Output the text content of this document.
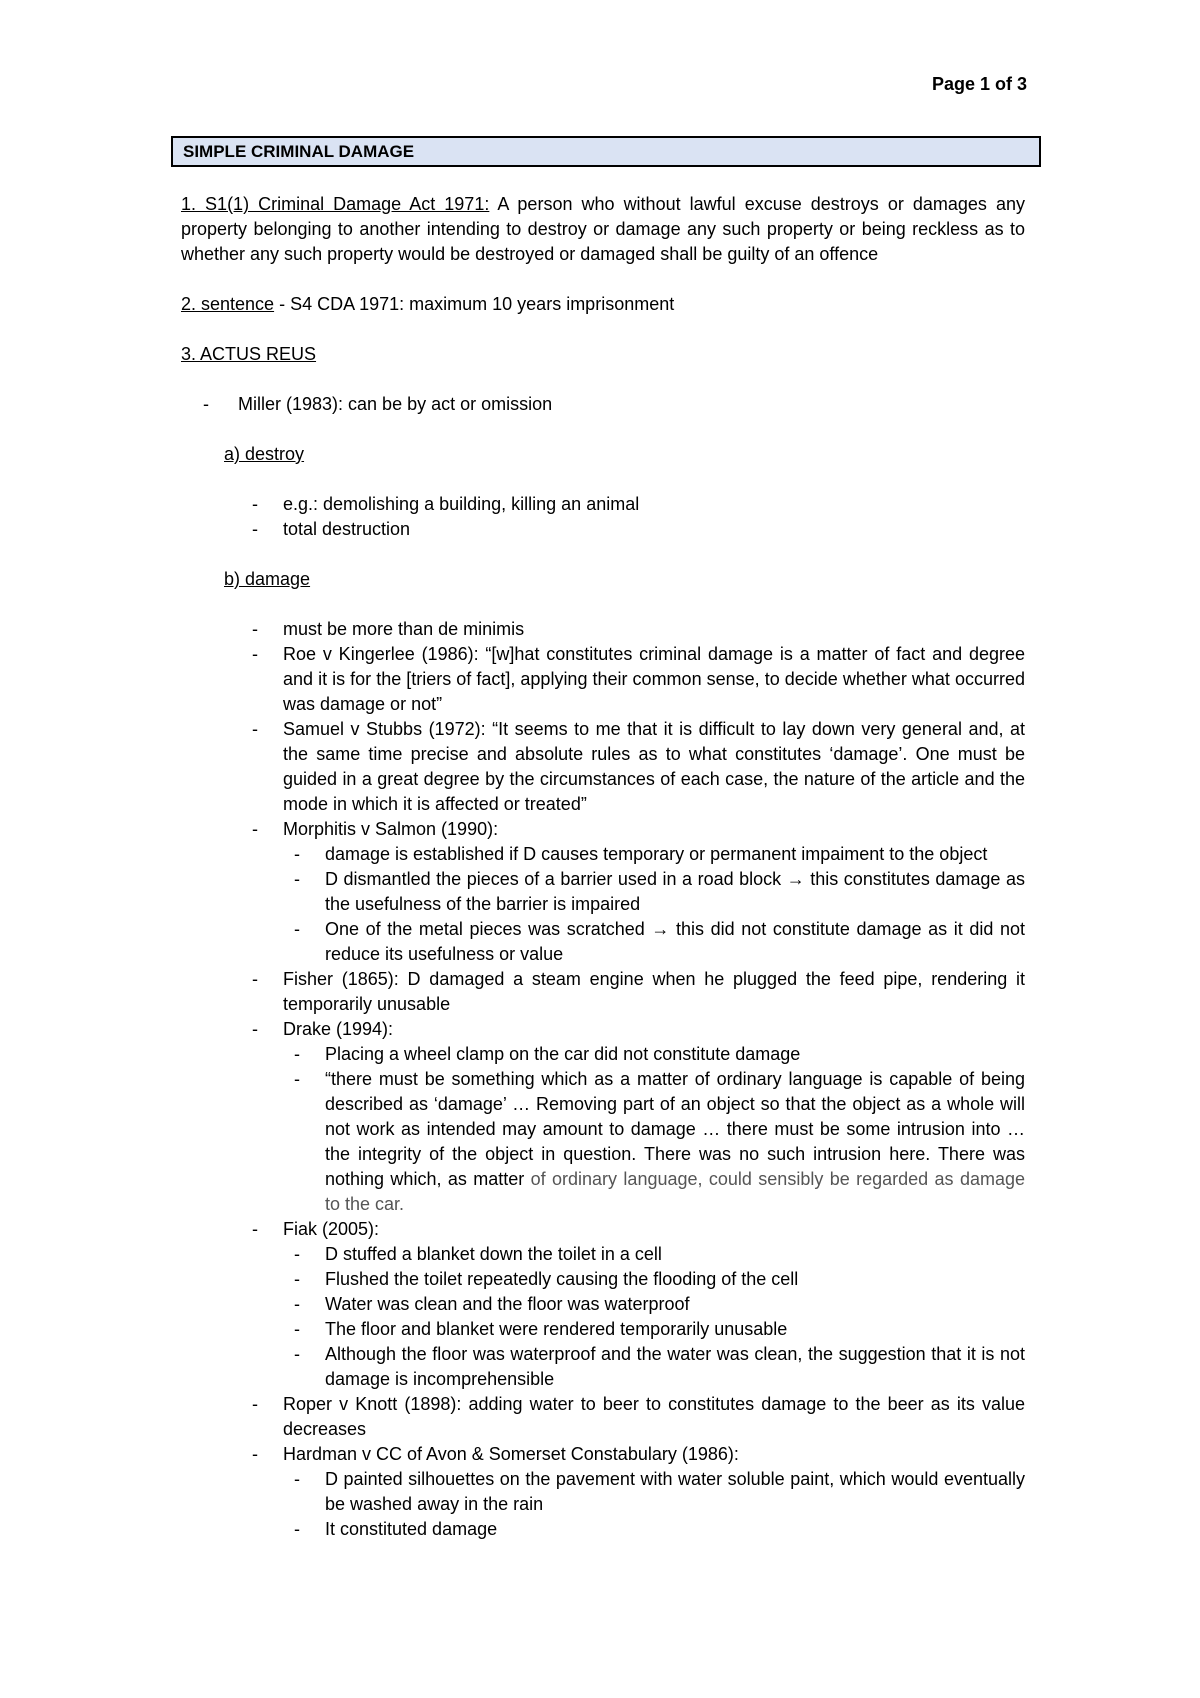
Page 1 of 3
SIMPLE CRIMINAL DAMAGE
1. S1(1) Criminal Damage Act 1971: A person who without lawful excuse destroys or damages any property belonging to another intending to destroy or damage any such property or being reckless as to whether any such property would be destroyed or damaged shall be guilty of an offence
2. sentence - S4 CDA 1971: maximum 10 years imprisonment
3. ACTUS REUS
- Miller (1983): can be by act or omission
a) destroy
- e.g.: demolishing a building, killing an animal
- total destruction
b) damage
- must be more than de minimis
- Roe v Kingerlee (1986): “[w]hat constitutes criminal damage is a matter of fact and degree and it is for the [triers of fact], applying their common sense, to decide whether what occurred was damage or not”
- Samuel v Stubbs (1972): “It seems to me that it is difficult to lay down very general and, at the same time precise and absolute rules as to what constitutes ‘damage’. One must be guided in a great degree by the circumstances of each case, the nature of the article and the mode in which it is affected or treated”
- Morphitis v Salmon (1990):
- damage is established if D causes temporary or permanent impaiment to the object
- D dismantled the pieces of a barrier used in a road block → this constitutes damage as the usefulness of the barrier is impaired
- One of the metal pieces was scratched → this did not constitute damage as it did not reduce its usefulness or value
- Fisher (1865): D damaged a steam engine when he plugged the feed pipe, rendering it temporarily unusable
- Drake (1994):
- Placing a wheel clamp on the car did not constitute damage
- “there must be something which as a matter of ordinary language is capable of being described as ‘damage’ … Removing part of an object so that the object as a whole will not work as intended may amount to damage … there must be some intrusion into … the integrity of the object in question. There was no such intrusion here. There was nothing which, as matter of ordinary language, could sensibly be regarded as damage to the car.
- Fiak (2005):
- D stuffed a blanket down the toilet in a cell
- Flushed the toilet repeatedly causing the flooding of the cell
- Water was clean and the floor was waterproof
- The floor and blanket were rendered temporarily unusable
- Although the floor was waterproof and the water was clean, the suggestion that it is not damage is incomprehensible
- Roper v Knott (1898): adding water to beer to constitutes damage to the beer as its value decreases
- Hardman v CC of Avon & Somerset Constabulary (1986):
- D painted silhouettes on the pavement with water soluble paint, which would eventually be washed away in the rain
- It constituted damage
